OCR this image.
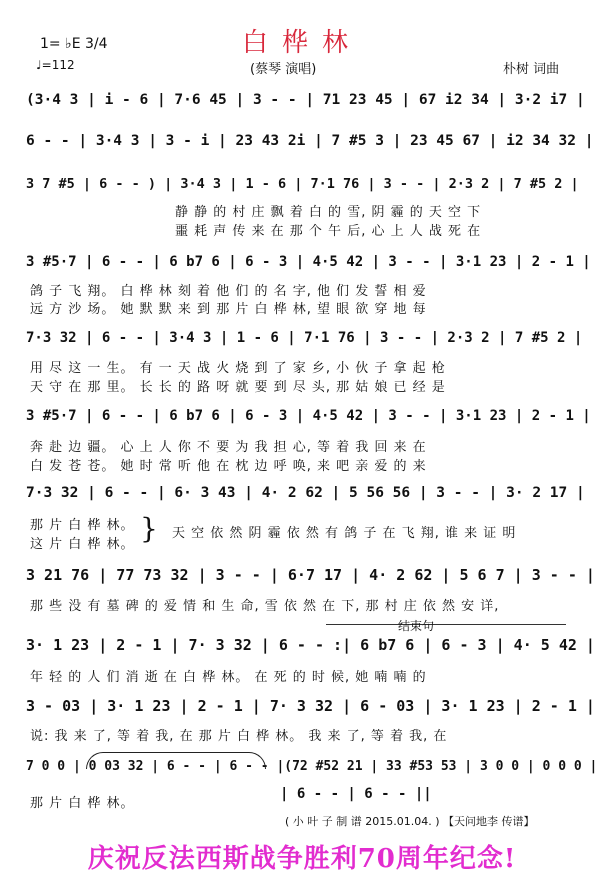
白桦林
1= ♭E 3/4
♩=112	(蔡琴 演唱)	朴树 词曲
(3·4 3 | i - 6 | 7·6 45 | 3 - - | 71 23 45 | 67 i2 34 | 3·2 i7 |
6 - - | 3·4 3 | 3 - i | 23 43 2i | 7 #5 3 | 23 45 67 | i2 34 32 |
3 7 #5 | 6 - - ) | 3·4 3 | 1 - 6 | 7·1 76 | 3 - - | 2·3 2 | 7 #5 2 |
3 #5·7 | 6 - - | 6 b7 6 | 6 - 3 | 4·5 42 | 3 - - | 3·1 23 | 2 - 1 |
7·3 32 | 6 - - | 3·4 3 | 1 - 6 | 7·1 76 | 3 - - | 2·3 2 | 7 #5 2 |
3 #5·7 | 6 - - | 6 b7 6 | 6 - 3 | 4·5 42 | 3 - - | 3·1 23 | 2 - 1 |
7·3 32 | 6 - - | 6· 3 43 | 4· 2 62 | 5 56 56 | 3 - - | 3· 2 17 |
3 21 76 | 77 73 32 | 3 - - | 6·7 17 | 4· 2 62 | 5 6 7 | 3 - - |
3· 1 23 | 2 - 1 | 7· 3 32 | 6 - - :| 6 b7 6 | 6 - 3 | 4· 5 42 |
3 - 03 | 3· 1 23 | 2 - 1 | 7· 3 32 | 6 - 03 | 3· 1 23 | 2 - 1 |
7 0 0 | 0 03 32 | 6 - - | 6 - - |(72 #52 21 | 33 #53 53 | 3 0 0 | 0 0 0 |
}
结束句
| 6 - - | 6 - - ||
( 小 叶 子 制 谱 2015.01.04. ) 【天问地李 传谱】
庆祝反法西斯战争胜利70周年纪念!
静 静 的 村 庄 飘 着 白 的 雪, 阴 霾 的 天 空 下
噩 耗 声 传 来 在 那 个 午 后, 心 上 人 战 死 在
鸽 子 飞 翔。 白 桦 林 刻 着 他 们 的 名 字, 他 们 发 誓 相 爱
远 方 沙 场。 她 默 默 来 到 那 片 白 桦 林, 望 眼 欲 穿 地 每
用 尽 这 一 生。 有 一 天 战 火 烧 到 了 家 乡, 小 伙 子 拿 起 枪
天 守 在 那 里。 长 长 的 路 呀 就 要 到 尽 头, 那 姑 娘 已 经 是
奔 赴 边 疆。 心 上 人 你 不 要 为 我 担 心, 等 着 我 回 来 在
白 发 苍 苍。 她 时 常 听 他 在 枕 边 呼 唤, 来 吧 亲 爱 的 来
那 片 白 桦 林。
这 片 白 桦 林。
天 空 依 然 阴 霾 依 然 有 鸽 子 在 飞 翔, 谁 来 证 明
那 些 没 有 墓 碑 的 爱 情 和 生 命, 雪 依 然 在 下, 那 村 庄 依 然 安 详,
年 轻 的 人 们 消 逝 在 白 桦 林。 在 死 的 时 候, 她 喃 喃 的
说: 我 来 了, 等 着 我, 在 那 片 白 桦 林。 我 来 了, 等 着 我, 在
那 片 白 桦 林。
